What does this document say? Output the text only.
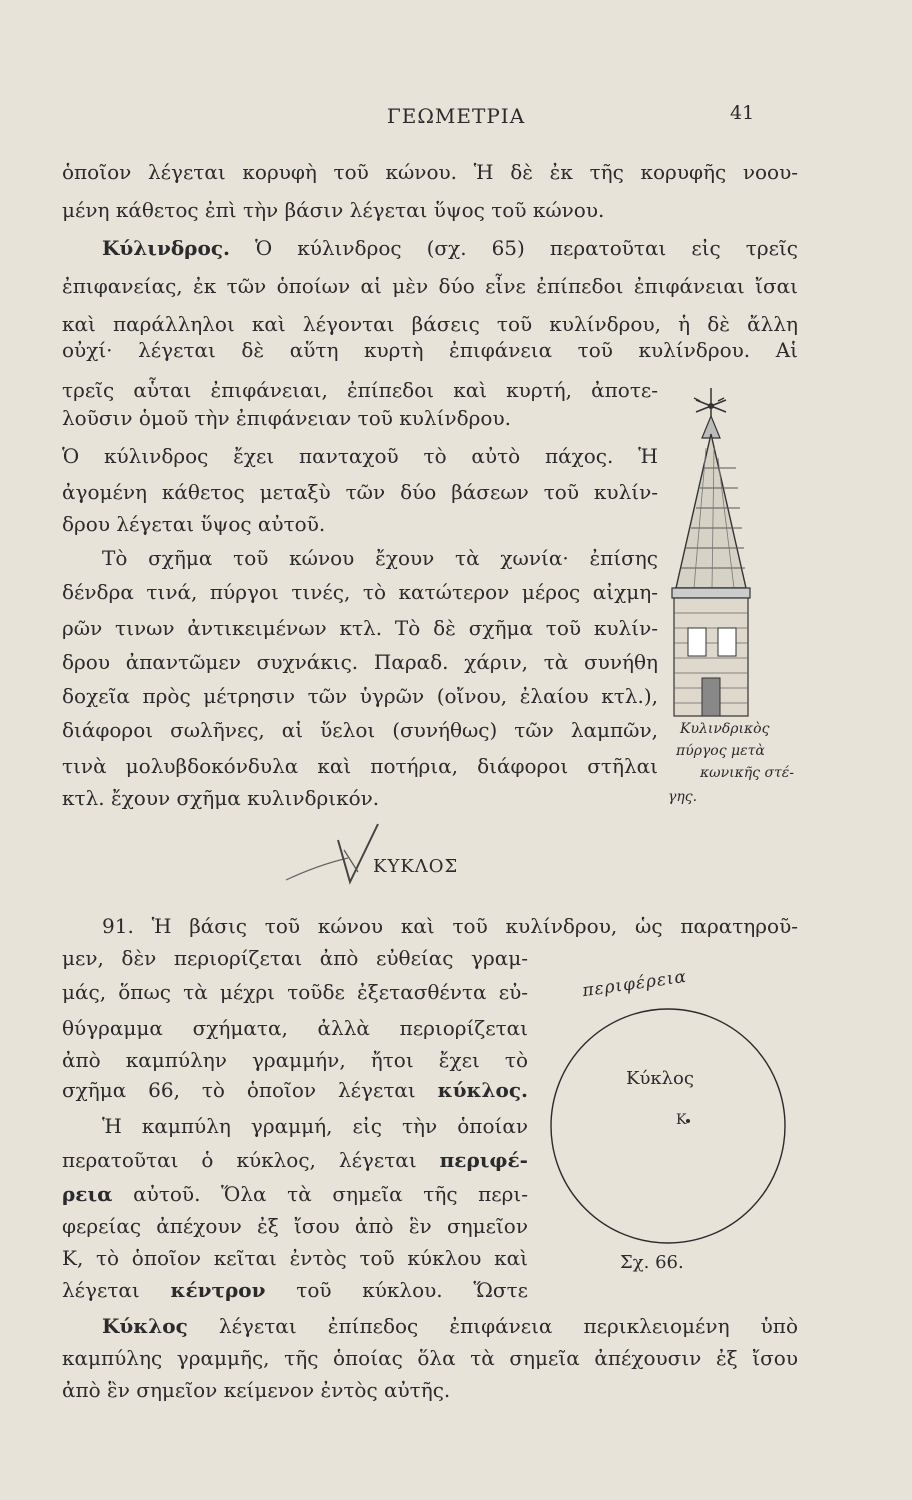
ΓΕΩΜΕΤΡΙΑ	41
ὁποῖον λέγεται κορυφὴ τοῦ κώνου. Ἡ δὲ ἐκ τῆς κορυφῆς νοου-
μένη κάθετος ἐπὶ τὴν βάσιν λέγεται ὕψος τοῦ κώνου.
Κύλινδρος. Ὁ κύλινδρος (σχ. 65) περατοῦται εἰς τρεῖς
ἐπιφανείας, ἐκ τῶν ὁποίων αἱ μὲν δύο εἶνε ἐπίπεδοι ἐπιφάνειαι ἴσαι
καὶ παράλληλοι καὶ λέγονται βάσεις τοῦ κυλίνδρου, ἡ δὲ ἄλλη
οὐχί· λέγεται δὲ αὕτη κυρτὴ ἐπιφάνεια τοῦ κυλίνδρου. Αἱ
τρεῖς αὗται ἐπιφάνειαι, ἐπίπεδοι καὶ κυρτή, ἀποτε-
λοῦσιν ὁμοῦ τὴν ἐπιφάνειαν τοῦ κυλίνδρου.
Ὁ κύλινδρος ἔχει πανταχοῦ τὸ αὐτὸ πάχος. Ἡ
ἀγομένη κάθετος μεταξὺ τῶν δύο βάσεων τοῦ κυλίν-
δρου λέγεται ὕψος αὐτοῦ.
Τὸ σχῆμα τοῦ κώνου ἔχουν τὰ χωνία· ἐπίσης
δένδρα τινά, πύργοι τινές, τὸ κατώτερον μέρος αἰχμη-
ρῶν τινων ἀντικειμένων κτλ. Τὸ δὲ σχῆμα τοῦ κυλίν-
δρου ἀπαντῶμεν συχνάκις. Παραδ. χάριν, τὰ συνήθη
δοχεῖα πρὸς μέτρησιν τῶν ὑγρῶν (οἴνου, ἐλαίου κτλ.),
διάφοροι σωλῆνες, αἱ ὕελοι (συνήθως) τῶν λαμπῶν,
τινὰ μολυβδοκόνδυλα καὶ ποτήρια, διάφοροι στῆλαι
κτλ. ἔχουν σχῆμα κυλινδρικόν.
Κυλινδρικὸς
πύργος μετὰ
κωνικῆς στέ-
γης.
ΚΥΚΛΟΣ
91. Ἡ βάσις τοῦ κώνου καὶ τοῦ κυλίνδρου, ὡς παρατηροῦ-
μεν, δὲν περιορίζεται ἀπὸ εὐθείας γραμ-
μάς, ὅπως τὰ μέχρι τοῦδε ἐξετασθέντα εὐ-
θύγραμμα σχήματα, ἀλλὰ περιορίζεται
ἀπὸ καμπύλην γραμμήν, ἤτοι ἔχει τὸ
σχῆμα 66, τὸ ὁποῖον λέγεται κύκλος.
Ἡ καμπύλη γραμμή, εἰς τὴν ὁποίαν
περατοῦται ὁ κύκλος, λέγεται περιφέ-
ρεια αὐτοῦ. Ὅλα τὰ σημεῖα τῆς περι-
φερείας ἀπέχουν ἐξ ἴσου ἀπὸ ἓν σημεῖον
Κ, τὸ ὁποῖον κεῖται ἐντὸς τοῦ κύκλου καὶ
λέγεται κέντρον τοῦ κύκλου. Ὥστε
Κύκλος λέγεται ἐπίπεδος ἐπιφάνεια περικλειομένη ὑπὸ
καμπύλης γραμμῆς, τῆς ὁποίας ὅλα τὰ σημεῖα ἀπέχουσιν ἐξ ἴσου
ἀπὸ ἓν σημεῖον κείμενον ἐντὸς αὐτῆς.
περιφέρεια
Κύκλος
Κ
Σχ. 66.
